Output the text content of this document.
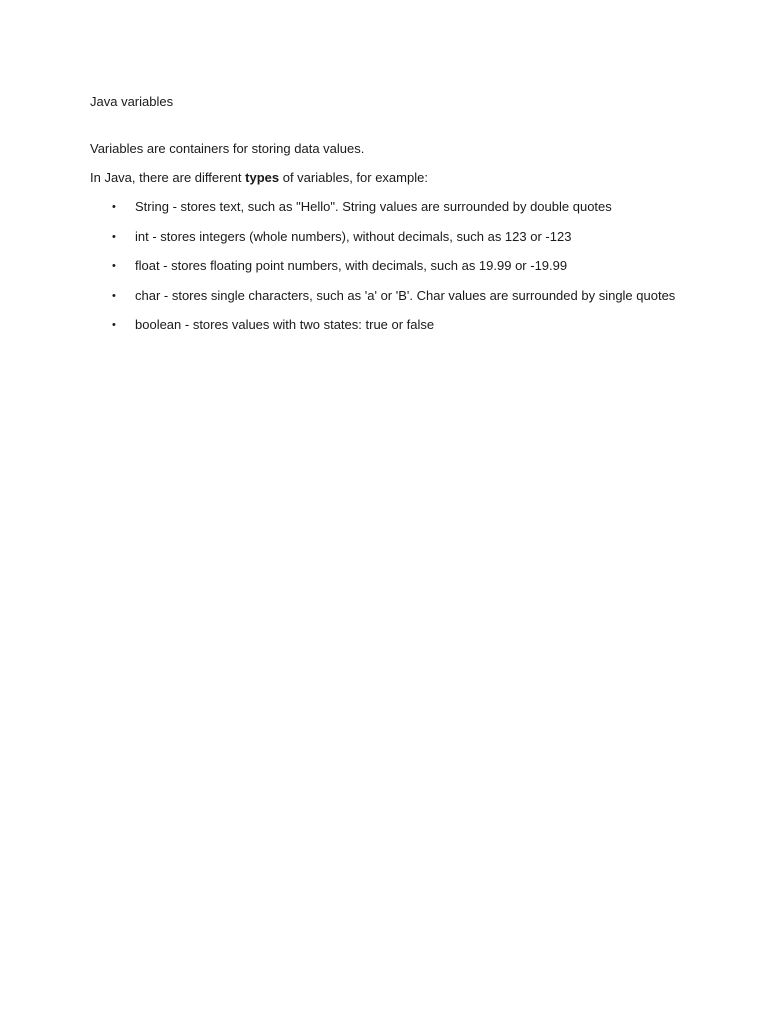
Java variables

Variables are containers for storing data values.

In Java, there are different types of variables, for example:

• String - stores text, such as "Hello". String values are surrounded by double quotes
• int - stores integers (whole numbers), without decimals, such as 123 or -123
• float - stores floating point numbers, with decimals, such as 19.99 or -19.99
• char - stores single characters, such as 'a' or 'B'. Char values are surrounded by single quotes
• boolean - stores values with two states: true or false
